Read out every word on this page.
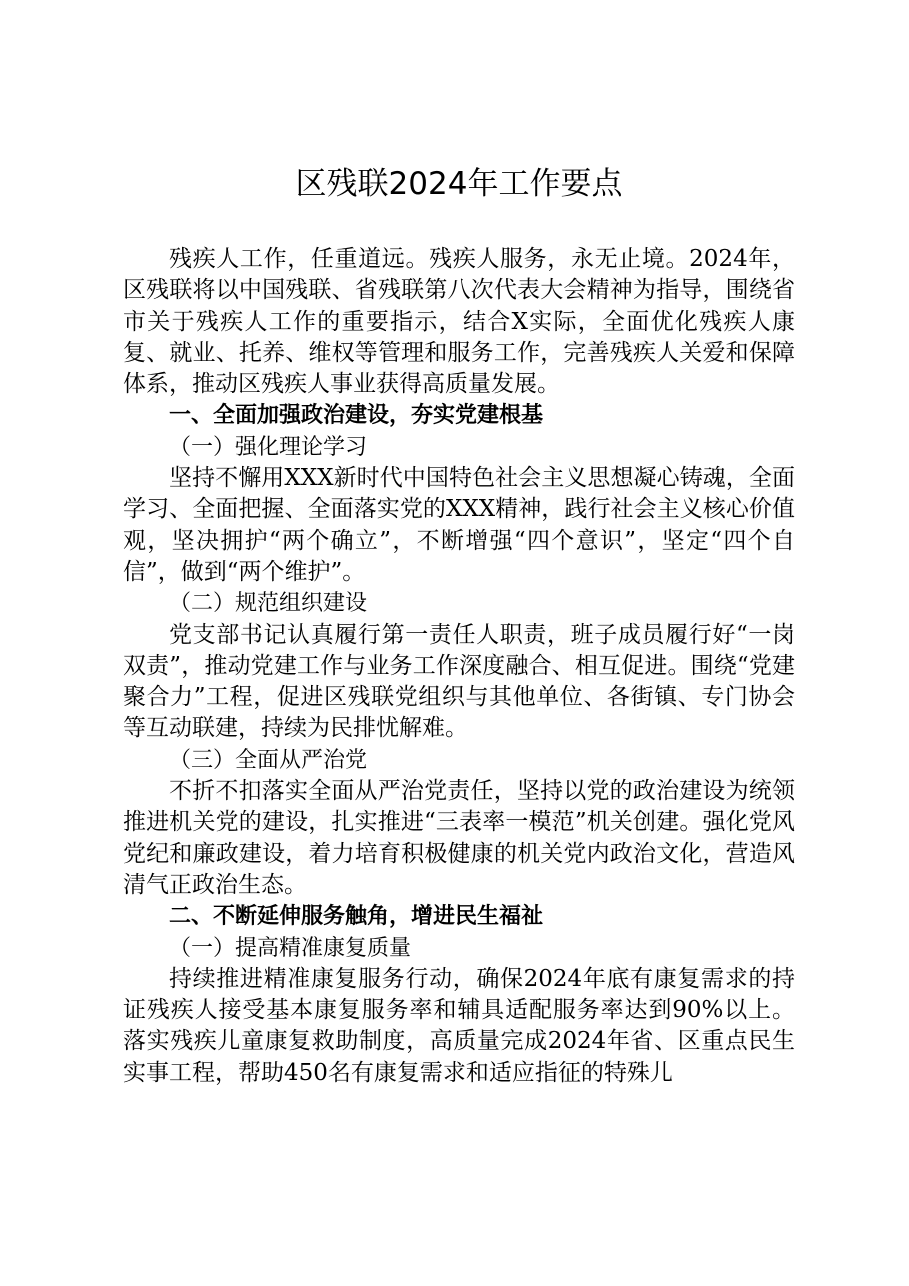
区残联2024年工作要点

残疾人工作，任重道远。残疾人服务，永无止境。2024年，区残联将以中国残联、省残联第八次代表大会精神为指导，围绕省市关于残疾人工作的重要指示，结合X实际，全面优化残疾人康复、就业、托养、维权等管理和服务工作，完善残疾人关爱和保障体系，推动区残疾人事业获得高质量发展。

一、全面加强政治建设，夯实党建根基
（一）强化理论学习

坚持不懈用XXX新时代中国特色社会主义思想凝心铸魂，全面学习、全面把握、全面落实党的XXX精神，践行社会主义核心价值观，坚决拥护“两个确立”，不断增强“四个意识”，坚定“四个自信”，做到“两个维护”。

（二）规范组织建设

党支部书记认真履行第一责任人职责，班子成员履行好“一岗双责”，推动党建工作与业务工作深度融合、相互促进。围绕“党建聚合力”工程，促进区残联党组织与其他单位、各街镇、专门协会等互动联建，持续为民排忧解难。

（三）全面从严治党

不折不扣落实全面从严治党责任，坚持以党的政治建设为统领推进机关党的建设，扎实推进“三表率一模范”机关创建。强化党风党纪和廉政建设，着力培育积极健康的机关党内政治文化，营造风清气正政治生态。

二、不断延伸服务触角，增进民生福祉
（一）提高精准康复质量

持续推进精准康复服务行动，确保2024年底有康复需求的持证残疾人接受基本康复服务率和辅具适配服务率达到90%以上。落实残疾儿童康复救助制度，高质量完成2024年省、区重点民生实事工程，帮助450名有康复需求和适应指征的特殊儿
